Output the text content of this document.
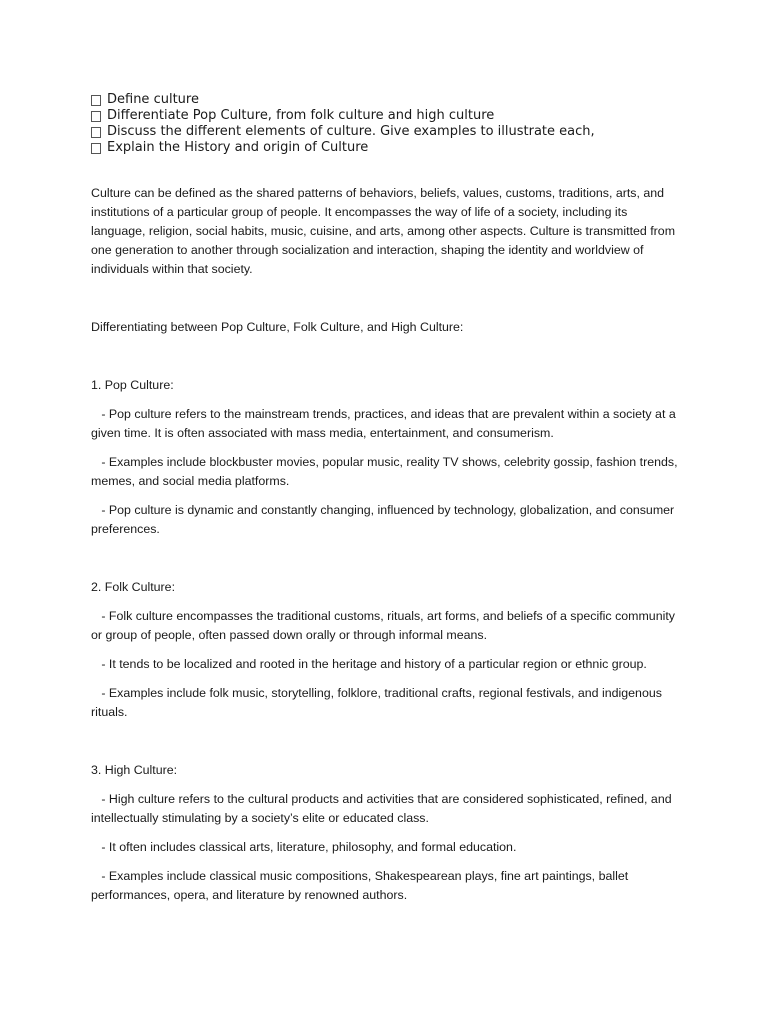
Define culture
Differentiate Pop Culture, from folk culture and high culture
Discuss the different elements of culture. Give examples to illustrate each,
Explain the History and origin of Culture

Culture can be defined as the shared patterns of behaviors, beliefs, values, customs, traditions, arts, and institutions of a particular group of people. It encompasses the way of life of a society, including its language, religion, social habits, music, cuisine, and arts, among other aspects. Culture is transmitted from one generation to another through socialization and interaction, shaping the identity and worldview of individuals within that society.

Differentiating between Pop Culture, Folk Culture, and High Culture:

1. Pop Culture:

- Pop culture refers to the mainstream trends, practices, and ideas that are prevalent within a society at a given time. It is often associated with mass media, entertainment, and consumerism.

- Examples include blockbuster movies, popular music, reality TV shows, celebrity gossip, fashion trends, memes, and social media platforms.

- Pop culture is dynamic and constantly changing, influenced by technology, globalization, and consumer preferences.

2. Folk Culture:

- Folk culture encompasses the traditional customs, rituals, art forms, and beliefs of a specific community or group of people, often passed down orally or through informal means.

- It tends to be localized and rooted in the heritage and history of a particular region or ethnic group.

- Examples include folk music, storytelling, folklore, traditional crafts, regional festivals, and indigenous rituals.

3. High Culture:

- High culture refers to the cultural products and activities that are considered sophisticated, refined, and intellectually stimulating by a society’s elite or educated class.

- It often includes classical arts, literature, philosophy, and formal education.

- Examples include classical music compositions, Shakespearean plays, fine art paintings, ballet performances, opera, and literature by renowned authors.
